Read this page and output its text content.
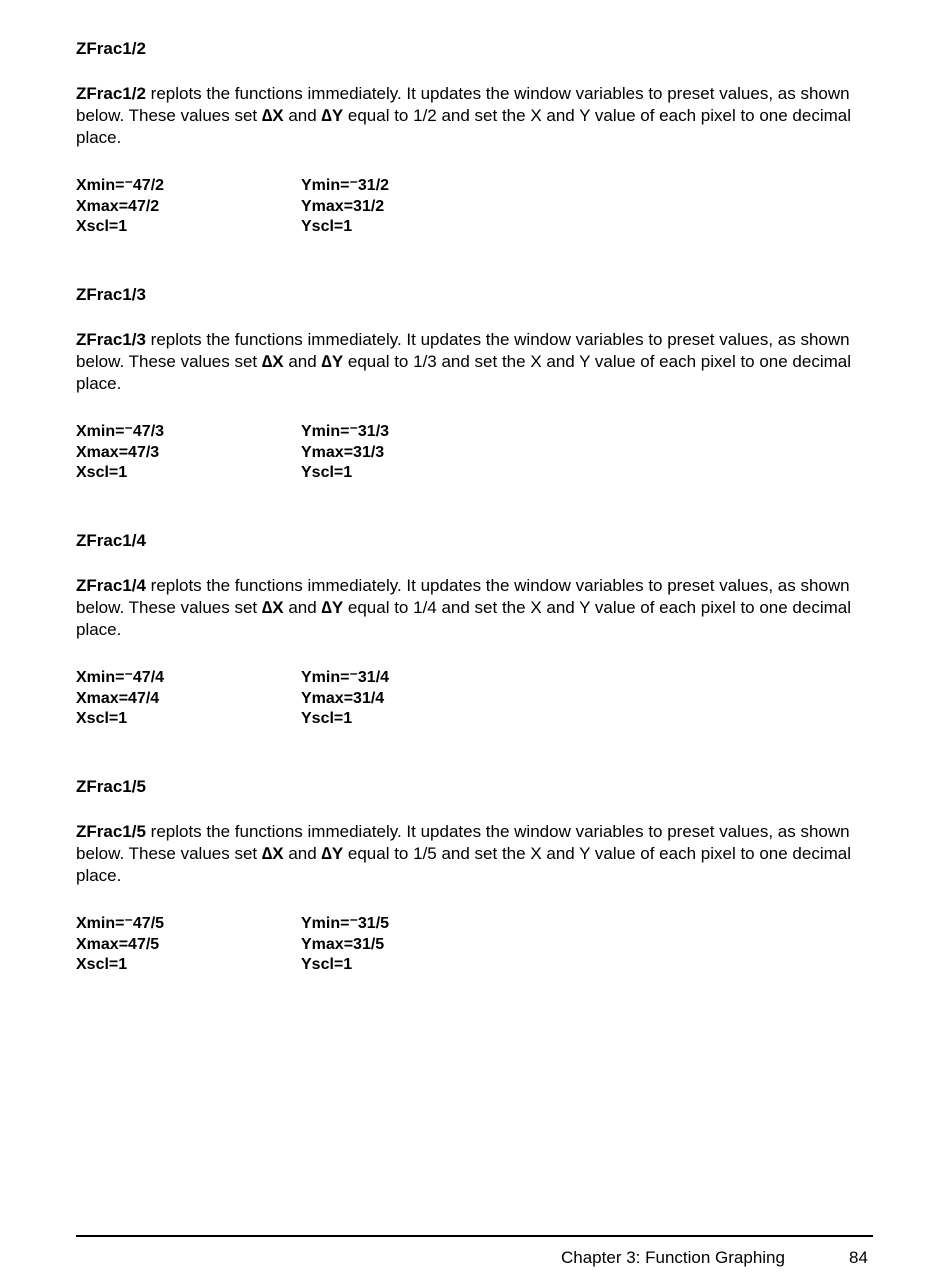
ZFrac1/2

ZFrac1/2 replots the functions immediately. It updates the window variables to preset values, as shown below. These values set ∆X and ∆Y equal to 1/2 and set the X and Y value of each pixel to one decimal place.

Xmin=⁻47/2	Ymin=⁻31/2
Xmax=47/2	Ymax=31/2
Xscl=1	Yscl=1
ZFrac1/3

ZFrac1/3 replots the functions immediately. It updates the window variables to preset values, as shown below. These values set ∆X and ∆Y equal to 1/3 and set the X and Y value of each pixel to one decimal place.

Xmin=⁻47/3	Ymin=⁻31/3
Xmax=47/3	Ymax=31/3
Xscl=1	Yscl=1
ZFrac1/4

ZFrac1/4 replots the functions immediately. It updates the window variables to preset values, as shown below. These values set ∆X and ∆Y equal to 1/4 and set the X and Y value of each pixel to one decimal place.

Xmin=⁻47/4	Ymin=⁻31/4
Xmax=47/4	Ymax=31/4
Xscl=1	Yscl=1
ZFrac1/5

ZFrac1/5 replots the functions immediately. It updates the window variables to preset values, as shown below. These values set ∆X and ∆Y equal to 1/5 and set the X and Y value of each pixel to one decimal place.

Xmin=⁻47/5	Ymin=⁻31/5
Xmax=47/5	Ymax=31/5
Xscl=1	Yscl=1
Chapter 3: Function Graphing	84
